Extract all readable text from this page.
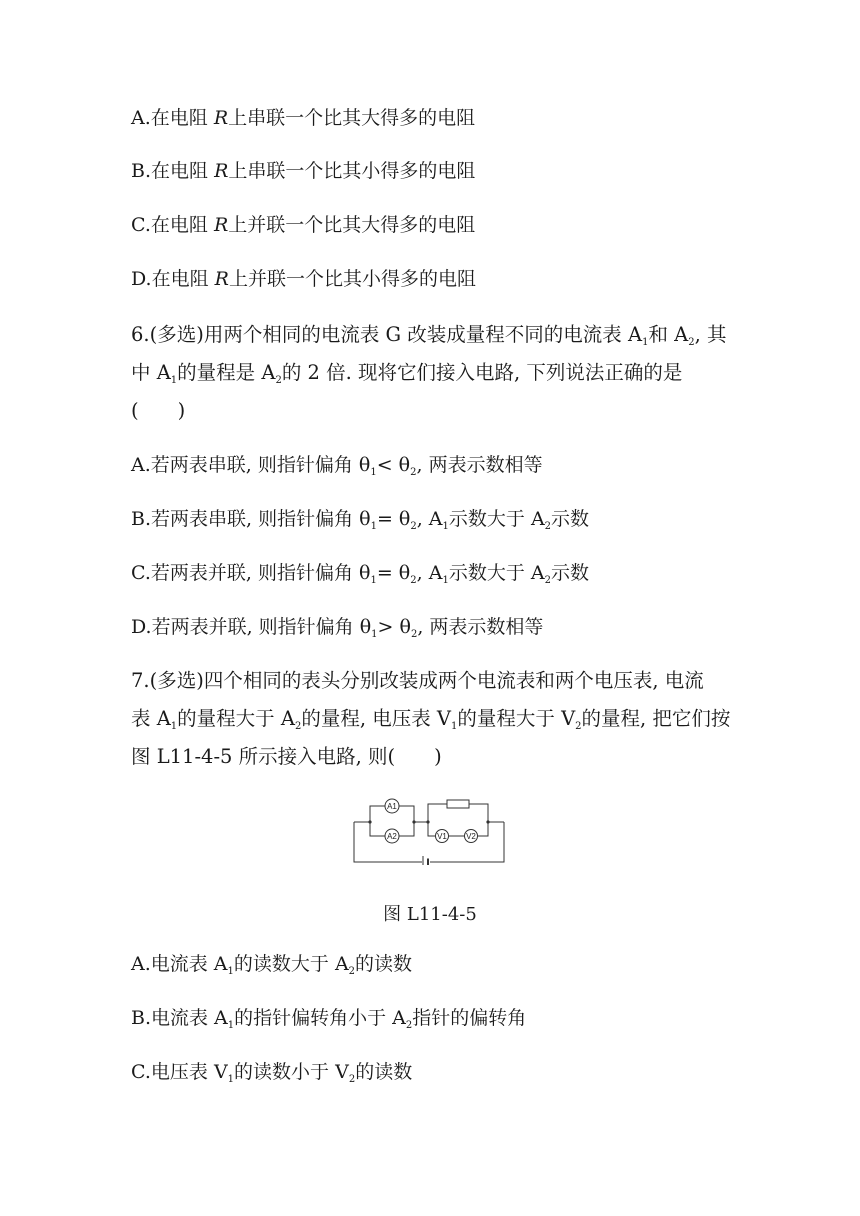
A.在电阻 R上串联一个比其大得多的电阻
B.在电阻 R上串联一个比其小得多的电阻
C.在电阻 R上并联一个比其大得多的电阻
D.在电阻 R上并联一个比其小得多的电阻
6.(多选)用两个相同的电流表 G 改装成量程不同的电流表 $A_1$和 $A_2$, 其
中 $A_1$的量程是 $A_2$的 2 倍. 现将它们接入电路, 下列说法正确的是
(　　)
A.若两表串联, 则指针偏角 $\theta_1< \theta_2$, 两表示数相等
B.若两表串联, 则指针偏角 $\theta_1= \theta_2$, $A_1$示数大于 $A_2$示数
C.若两表并联, 则指针偏角 $\theta_1= \theta_2$, $A_1$示数大于 $A_2$示数
D.若两表并联, 则指针偏角 $\theta_1> \theta_2$, 两表示数相等
7.(多选)四个相同的表头分别改装成两个电流表和两个电压表, 电流
表 $A_1$的量程大于 $A_2$的量程, 电压表 $V_1$的量程大于 $V_2$的量程, 把它们按
图 L11-4-5 所示接入电路, 则(　　)
A1
A2	V1 V2
图 L11-4-5
A.电流表 $A_1$的读数大于 $A_2$的读数
B.电流表 $A_1$的指针偏转角小于 $A_2$指针的偏转角
C.电压表 $V_1$的读数小于 $V_2$的读数
